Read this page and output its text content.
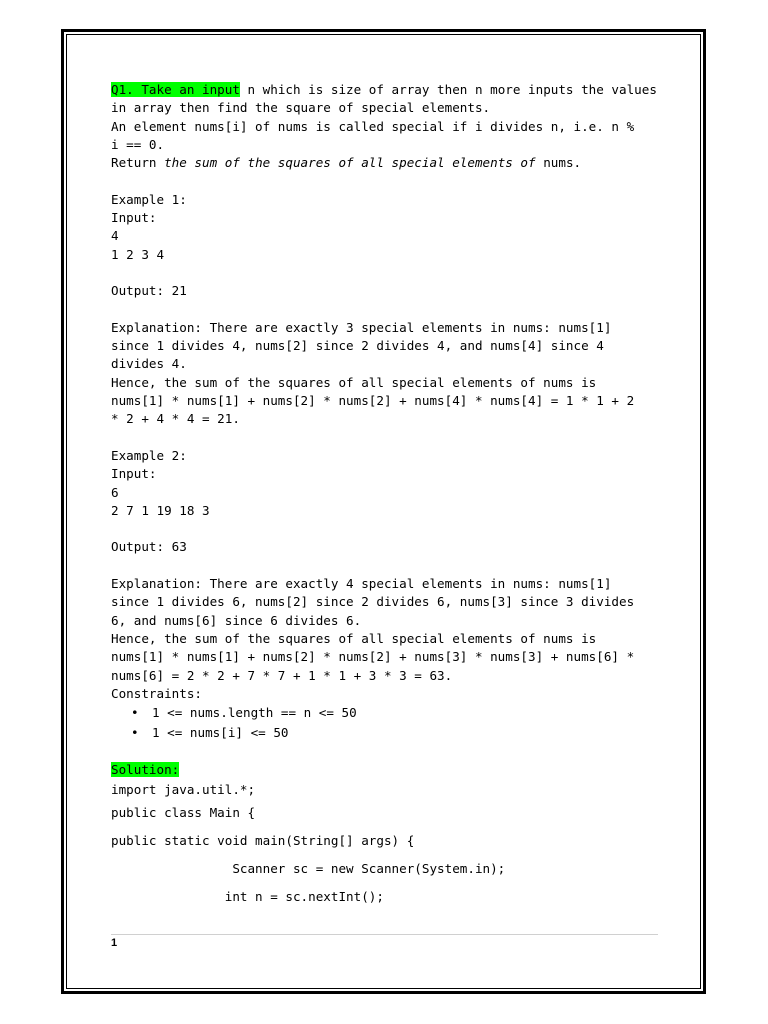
Q1. Take an input n which is size of array then n more inputs the values
in array then find the square of special elements.
An element nums[i] of nums is called special if i divides n, i.e. n %
i == 0.
Return the sum of the squares of all special elements of nums.
Example 1:
Input:
4
1 2 3 4
Output: 21
Explanation: There are exactly 3 special elements in nums: nums[1]
since 1 divides 4, nums[2] since 2 divides 4, and nums[4] since 4
divides 4.
Hence, the sum of the squares of all special elements of nums is
nums[1] * nums[1] + nums[2] * nums[2] + nums[4] * nums[4] = 1 * 1 + 2
* 2 + 4 * 4 = 21.
Example 2:
Input:
6
2 7 1 19 18 3
Output: 63
Explanation: There are exactly 4 special elements in nums: nums[1]
since 1 divides 6, nums[2] since 2 divides 6, nums[3] since 3 divides
6, and nums[6] since 6 divides 6.
Hence, the sum of the squares of all special elements of nums is
nums[1] * nums[1] + nums[2] * nums[2] + nums[3] * nums[3] + nums[6] *
nums[6] = 2 * 2 + 7 * 7 + 1 * 1 + 3 * 3 = 63.
Constraints:
• 1 <= nums.length == n <= 50
• 1 <= nums[i] <= 50
Solution:
import java.util.*;
public class Main {
public static void main(String[] args) {
Scanner sc = new Scanner(System.in);
int n = sc.nextInt();
1
